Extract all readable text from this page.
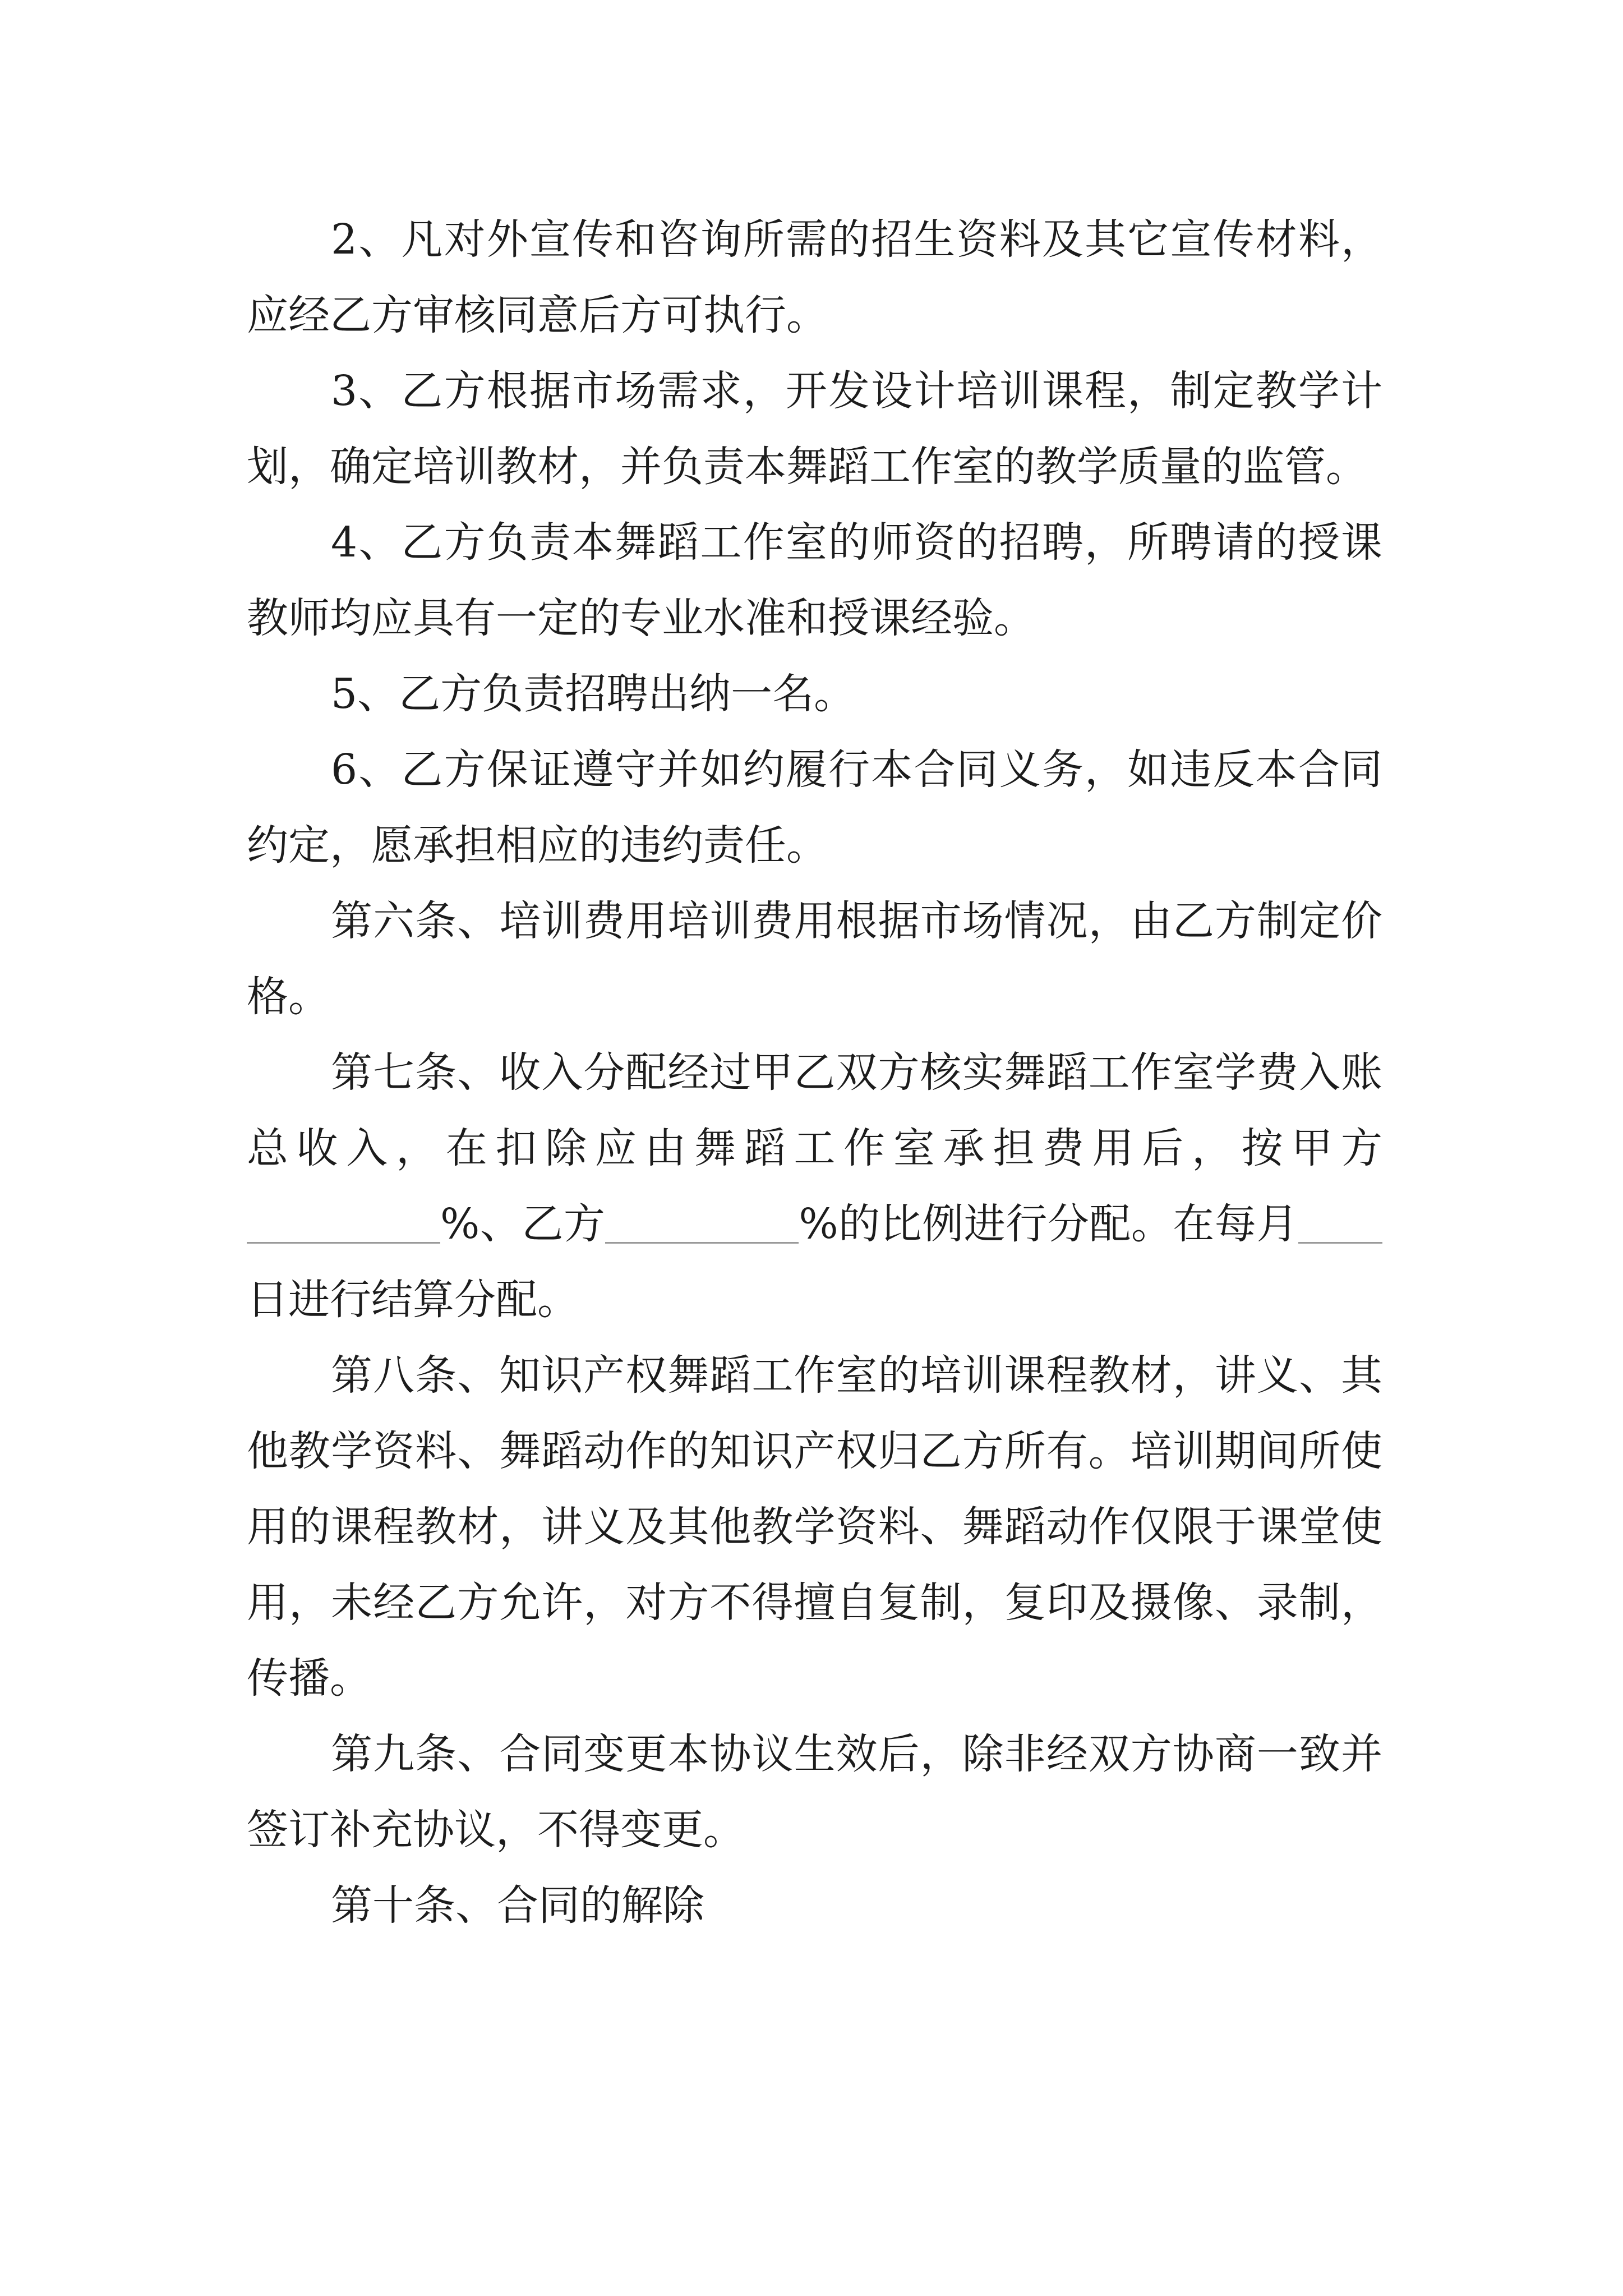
2、凡对外宣传和咨询所需的招生资料及其它宣传材料，应经乙方审核同意后方可执行。

3、乙方根据市场需求，开发设计培训课程，制定教学计划，确定培训教材，并负责本舞蹈工作室的教学质量的监管。

4、乙方负责本舞蹈工作室的师资的招聘，所聘请的授课教师均应具有一定的专业水准和授课经验。

5、乙方负责招聘出纳一名。

6、乙方保证遵守并如约履行本合同义务，如违反本合同约定，愿承担相应的违约责任。

第六条、培训费用培训费用根据市场情况，由乙方制定价格。

第七条、收入分配经过甲乙双方核实舞蹈工作室学费入账总收入，在扣除应由舞蹈工作室承担费用后，按甲方%、乙方	%的比例进行分配。在每月日进行结算分配。

第八条、知识产权舞蹈工作室的培训课程教材，讲义、其他教学资料、舞蹈动作的知识产权归乙方所有。培训期间所使用的课程教材，讲义及其他教学资料、舞蹈动作仅限于课堂使用，未经乙方允许，对方不得擅自复制，复印及摄像、录制，传播。

第九条、合同变更本协议生效后，除非经双方协商一致并签订补充协议，不得变更。

第十条、合同的解除
